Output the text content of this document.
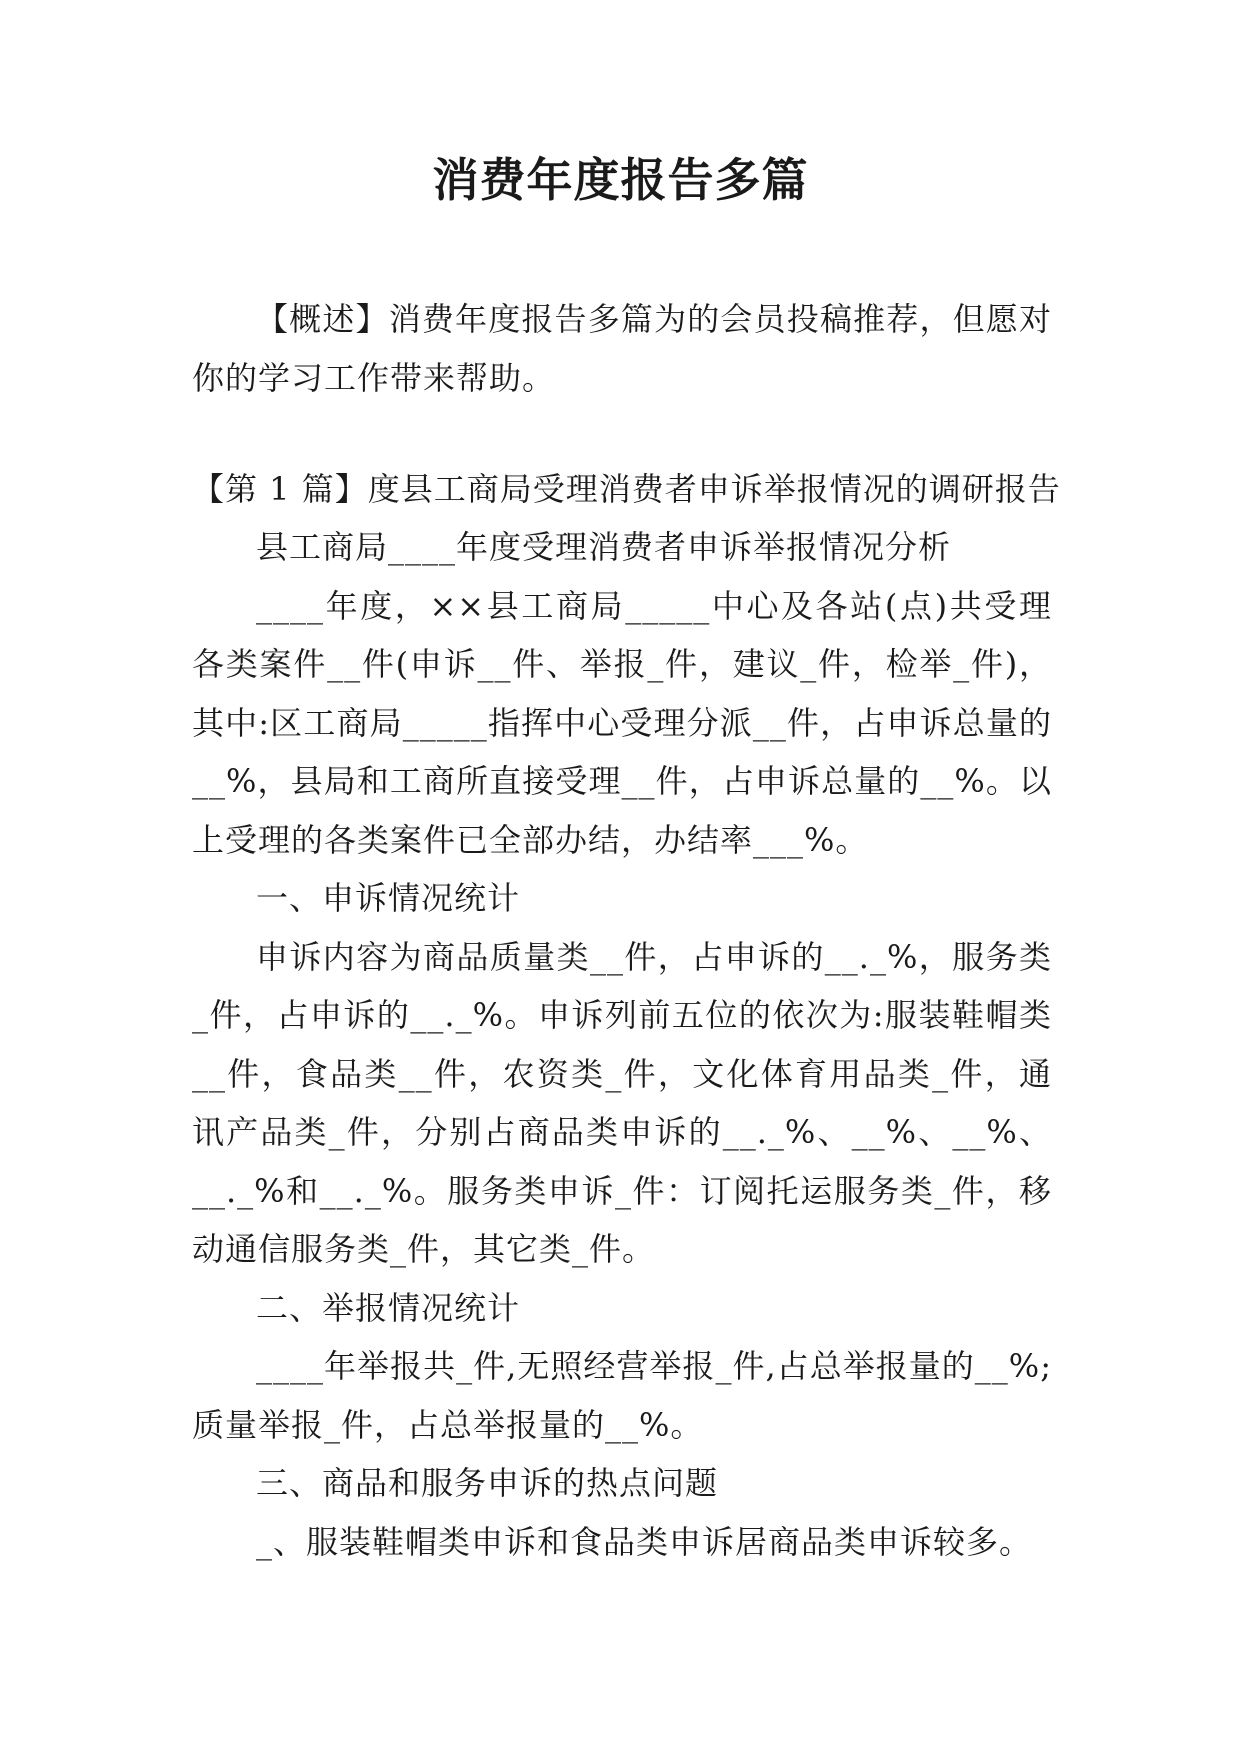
消费年度报告多篇

【概述】消费年度报告多篇为的会员投稿推荐，但愿对你的学习工作带来帮助。

【第 1 篇】度县工商局受理消费者申诉举报情况的调研报告

县工商局____年度受理消费者申诉举报情况分析

____年度，××县工商局_____中心及各站(点)共受理各类案件__件(申诉__件、举报_件，建议_件，检举_件)，其中:区工商局_____指挥中心受理分派__件，占申诉总量的__%，县局和工商所直接受理__件，占申诉总量的__%。以上受理的各类案件已全部办结，办结率___%。

一、申诉情况统计

申诉内容为商品质量类__件，占申诉的__._%，服务类_件，占申诉的__._%。申诉列前五位的依次为:服装鞋帽类__件，食品类__件，农资类_件，文化体育用品类_件，通讯产品类_件，分别占商品类申诉的__._%、__%、__%、__._%和__._%。服务类申诉_件：订阅托运服务类_件，移动通信服务类_件，其它类_件。

二、举报情况统计

____年举报共_件,无照经营举报_件,占总举报量的__%;质量举报_件，占总举报量的__%。

三、商品和服务申诉的热点问题

_、服装鞋帽类申诉和食品类申诉居商品类申诉较多。
